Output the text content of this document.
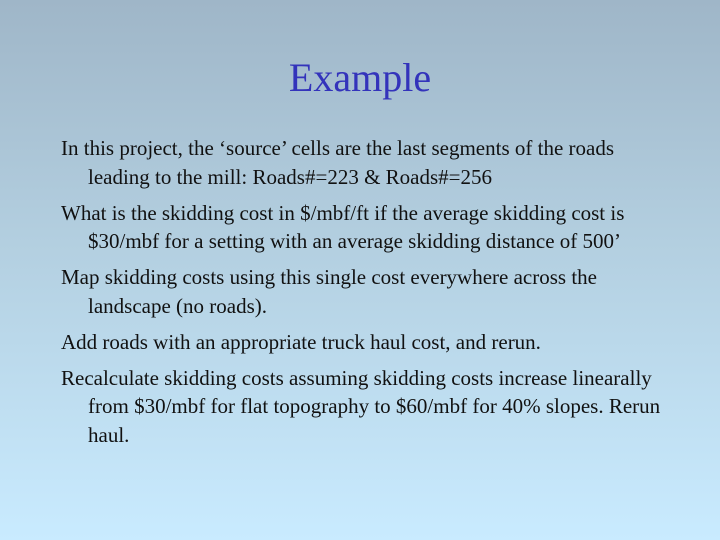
Example
In this project, the ‘source’ cells are the last segments of the roads leading to the mill: Roads#=223 & Roads#=256
What is the skidding cost in $/mbf/ft if the average skidding cost is $30/mbf for a setting with an average skidding distance of 500’
Map skidding costs using this single cost everywhere across the landscape (no roads).
Add roads with an appropriate truck haul cost, and rerun.
Recalculate skidding costs assuming skidding costs increase linearally from $30/mbf for flat topography to $60/mbf for 40% slopes. Rerun haul.
